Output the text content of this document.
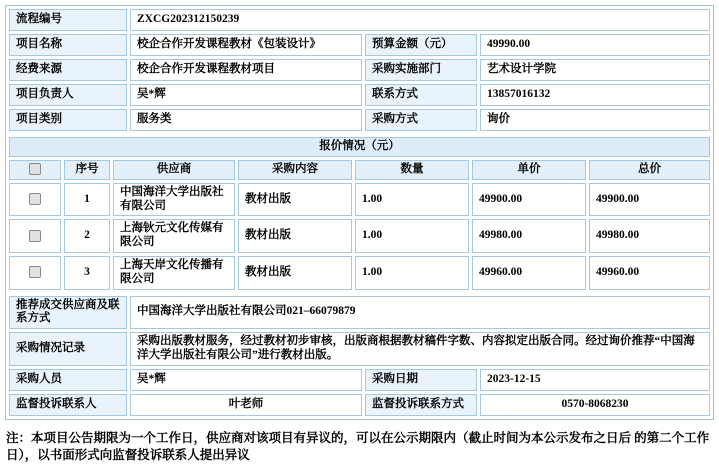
流程编号	ZXCG202312150239		
项目名称	校企合作开发课程教材《包装设计》	预算金额（元）	49990.00
经费来源	校企合作开发课程教材项目	采购实施部门	艺术设计学院
项目负责人	吴*辉	联系方式	13857016132
项目类别	服务类	采购方式	询价
报价情况（元）						
	序号	供应商	采购内容	数量	单价	总价
	1	中国海洋大学出版社有限公司	教材出版	1.00	49900.00	49900.00
	2	上海钬元文化传媒有限公司	教材出版	1.00	49980.00	49980.00
	3	上海天岸文化传播有限公司	教材出版	1.00	49960.00	49960.00
推荐成交供应商及联系方式	中国海洋大学出版社有限公司021–66079879		
采购情况记录	采购出版教材服务，经过教材初步审核，出版商根据教材稿件字数、内容拟定出版合同。经过询价推荐“中国海洋大学出版社有限公司”进行教材出版。		
采购人员	吴*辉	采购日期	2023-12-15
监督投诉联系人	叶老师	监督投诉联系方式	0570-8068230
注：本项目公告期限为一个工作日，供应商对该项目有异议的，可以在公示期限内（截止时间为本公示发布之日后 的第二个工作日），以书面形式向监督投诉联系人提出异议
